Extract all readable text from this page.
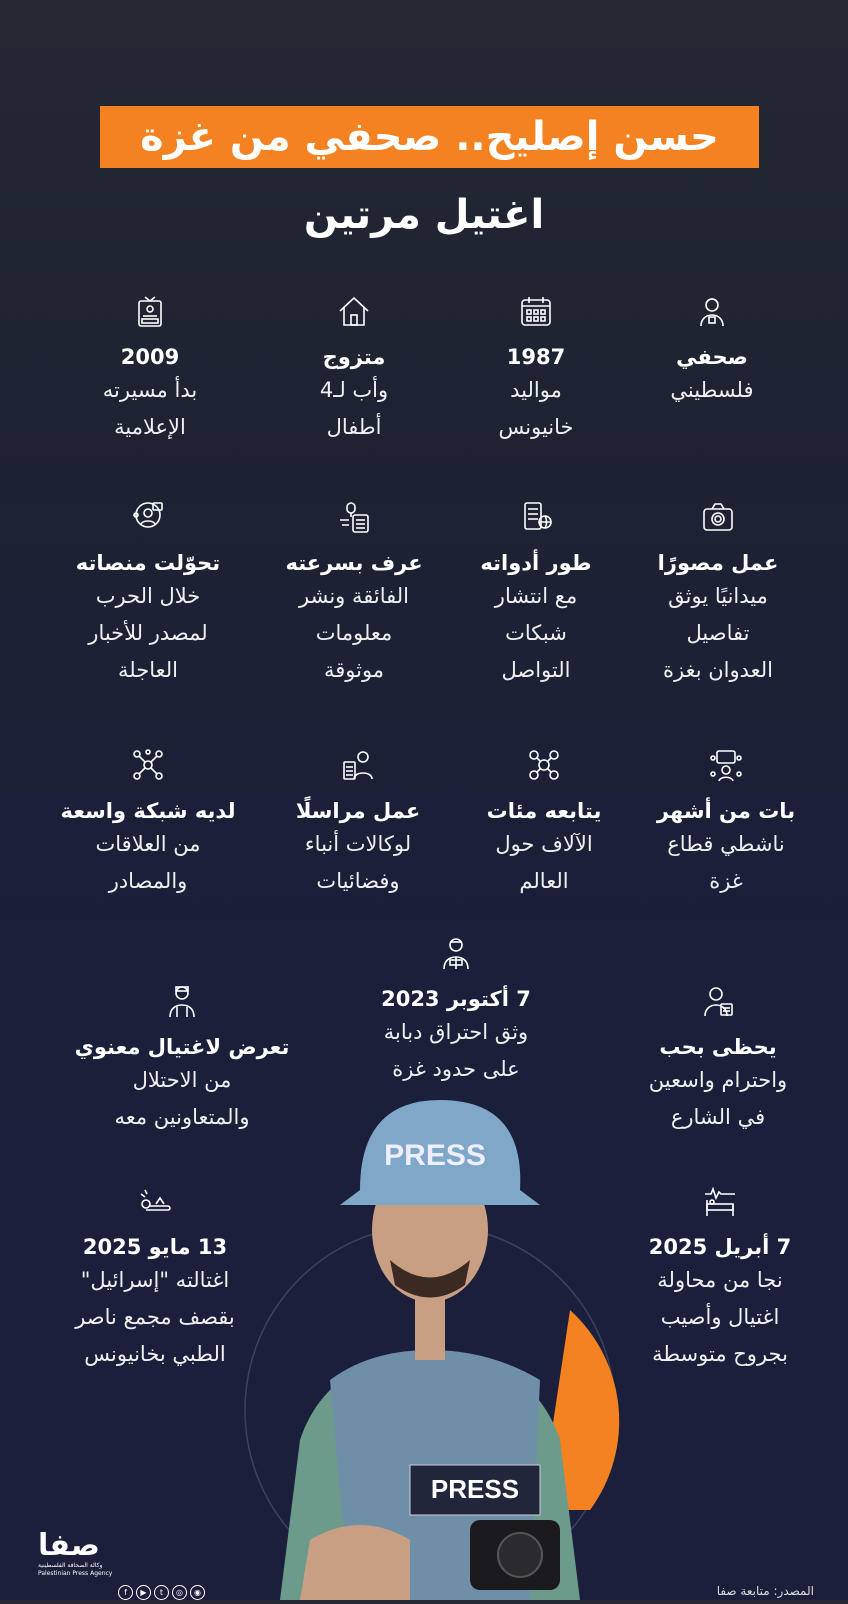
حسن إصليح.. صحفي من غزة
اغتيل مرتين
صحفي
فلسطيني
1987
مواليد
خانيونس
متزوج
وأب لـ4
أطفال
2009
بدأ مسيرته
الإعلامية
عمل مصورًا
ميدانيًا يوثق
تفاصيل
العدوان بغزة
طور أدواته
مع انتشار
شبكات
التواصل
عرف بسرعته
الفائقة ونشر
معلومات
موثوقة
تحوّلت منصاته
خلال الحرب
لمصدر للأخبار
العاجلة
بات من أشهر
ناشطي قطاع
غزة
يتابعه مئات
الآلاف حول
العالم
عمل مراسلًا
لوكالات أنباء
وفضائيات
لديه شبكة واسعة
من العلاقات
والمصادر
يحظى بحب
واحترام واسعين
في الشارع
7 أكتوبر 2023
وثق احتراق دبابة
على حدود غزة
تعرض لاغتيال معنوي
من الاحتلال
والمتعاونين معه
7 أبريل 2025
نجا من محاولة
اغتيال وأصيب
بجروح متوسطة
13 مايو 2025
اغتالته "إسرائيل"
بقصف مجمع ناصر
الطبي بخانيونس
PRESS
PRESS
صفا
وكالة الصحافة الفلسطينية
Palestinian Press Agency
f	▶	t	◎	◉	المصدر: متابعة صفا
